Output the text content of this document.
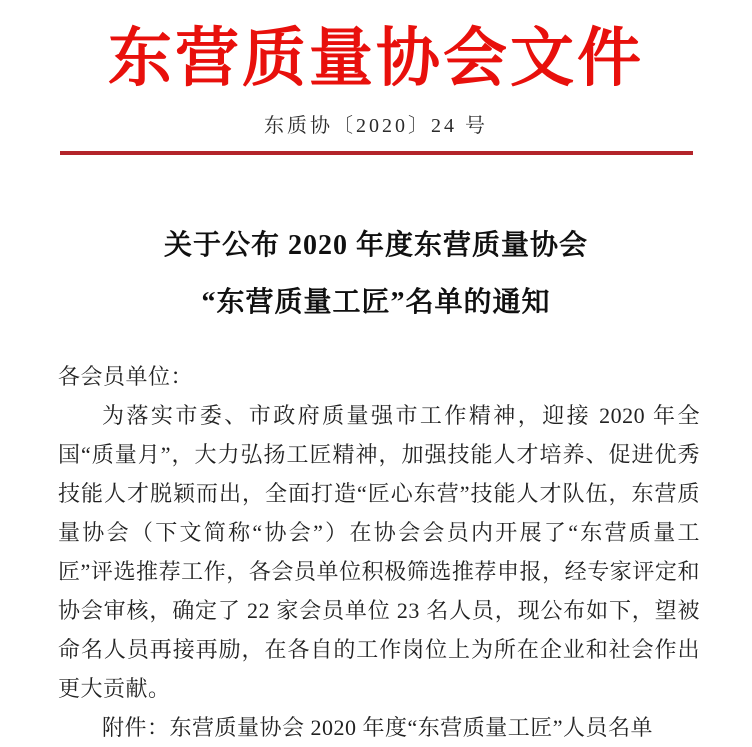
东营质量协会文件
东质协〔2020〕24 号
关于公布 2020 年度东营质量协会
“东营质量工匠”名单的通知

各会员单位：

为落实市委、市政府质量强市工作精神，迎接 2020 年全国“质量月”，大力弘扬工匠精神，加强技能人才培养、促进优秀技能人才脱颖而出，全面打造“匠心东营”技能人才队伍，东营质量协会（下文简称“协会”）在协会会员内开展了“东营质量工匠”评选推荐工作，各会员单位积极筛选推荐申报，经专家评定和协会审核，确定了 22 家会员单位 23 名人员，现公布如下，望被命名人员再接再励，在各自的工作岗位上为所在企业和社会作出更大贡献。

附件：东营质量协会 2020 年度“东营质量工匠”人员名单
